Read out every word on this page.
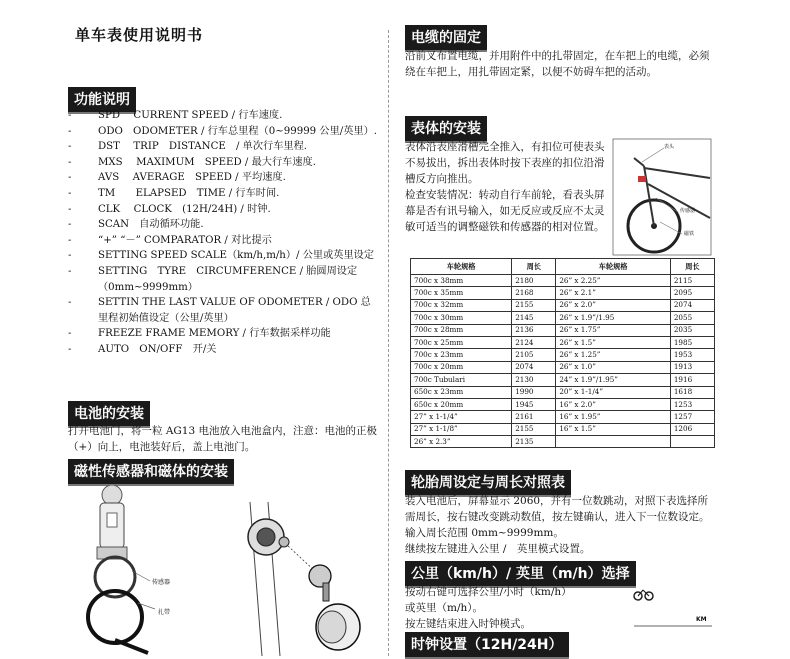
单车表使用说明书
功能说明
-	SPD　 CURRENT SPEED / 行车速度.
-	ODO　ODOMETER / 行车总里程（0~99999 公里/英里）.
-	DST　 TRIP　DISTANCE　/ 单次行车里程.
-	MXS　 MAXIMUM　SPEED / 最大行车速度.
-	AVS　 AVERAGE　SPEED / 平均速度.
-	TM　　ELAPSED　TIME / 行车时间.
-	CLK　 CLOCK　(12H/24H) / 时钟.
-	SCAN　自动循环功能.
-	“+” “－” COMPARATOR / 对比提示
-	SETTING SPEED SCALE（km/h,m/h）/ 公里或英里设定
-	SETTING　TYRE　CIRCUMFERENCE / 胎圆周设定（0mm~9999mm）
-	SETTIN THE LAST VALUE OF ODOMETER / ODO 总里程初始值设定（公里/英里）
-	FREEZE FRAME MEMORY / 行车数据采样功能
-	AUTO　ON/OFF　开/关
电池的安装

打开电池门，将一粒 AG13 电池放入电池盒内，注意：电池的正极（+）向上，电池装好后，盖上电池门。

磁性传感器和磁体的安装
传感器
扎带
电缆的固定

沿前叉布置电缆，并用附件中的扎带固定，在车把上的电缆，必须绕在车把上，用扎带固定紧，以便不妨碍车把的活动。

表体的安装

表体沿表座滑槽完全推入，有扣位可使表头不易拔出，拆出表体时按下表座的扣位沿滑槽反方向推出。

检查安装情况：转动自行车前轮，看表头屏幕是否有讯号输入，如无反应或反应不太灵敏可适当的调整磁铁和传感器的相对位置。

表头
传感器
磁铁
车轮规格	周长	车轮规格	周长
700c x 38mm	2180	26” x 2.25”	2115
700c x 35mm	2168	26” x 2.1”	2095
700c x 32mm	2155	26” x 2.0”	2074
700c x 30mm	2145	26” x 1.9”/1.95	2055
700c x 28mm	2136	26” x 1.75”	2035
700c x 25mm	2124	26” x 1.5”	1985
700c x 23mm	2105	26” x 1.25”	1953
700c x 20mm	2074	26” x 1.0”	1913
700c Tubulari	2130	24” x 1.9”/1.95”	1916
650c x 23mm	1990	20” x 1-1/4”	1618
650c x 20mm	1945	16” x 2.0”	1253
27” x 1-1/4”	2161	16” x 1.95”	1257
27” x 1-1/8”	2155	16” x 1.5”	1206
26” x 2.3”	2135		
轮胎周设定与周长对照表

装入电池后，屏幕显示 2060，并有一位数跳动，对照下表选择所需周长，按右键改变跳动数值，按左键确认，进入下一位数设定。输入周长范围 0mm~9999mm。

继续按左键进入公里 /　英里模式设置。

公里（km/h）/ 英里（m/h）选择

按动右键可选择公里/小时（km/h）

或英里（m/h）。

按左键结束进入时钟模式。	KM
时钟设置（12H/24H）
